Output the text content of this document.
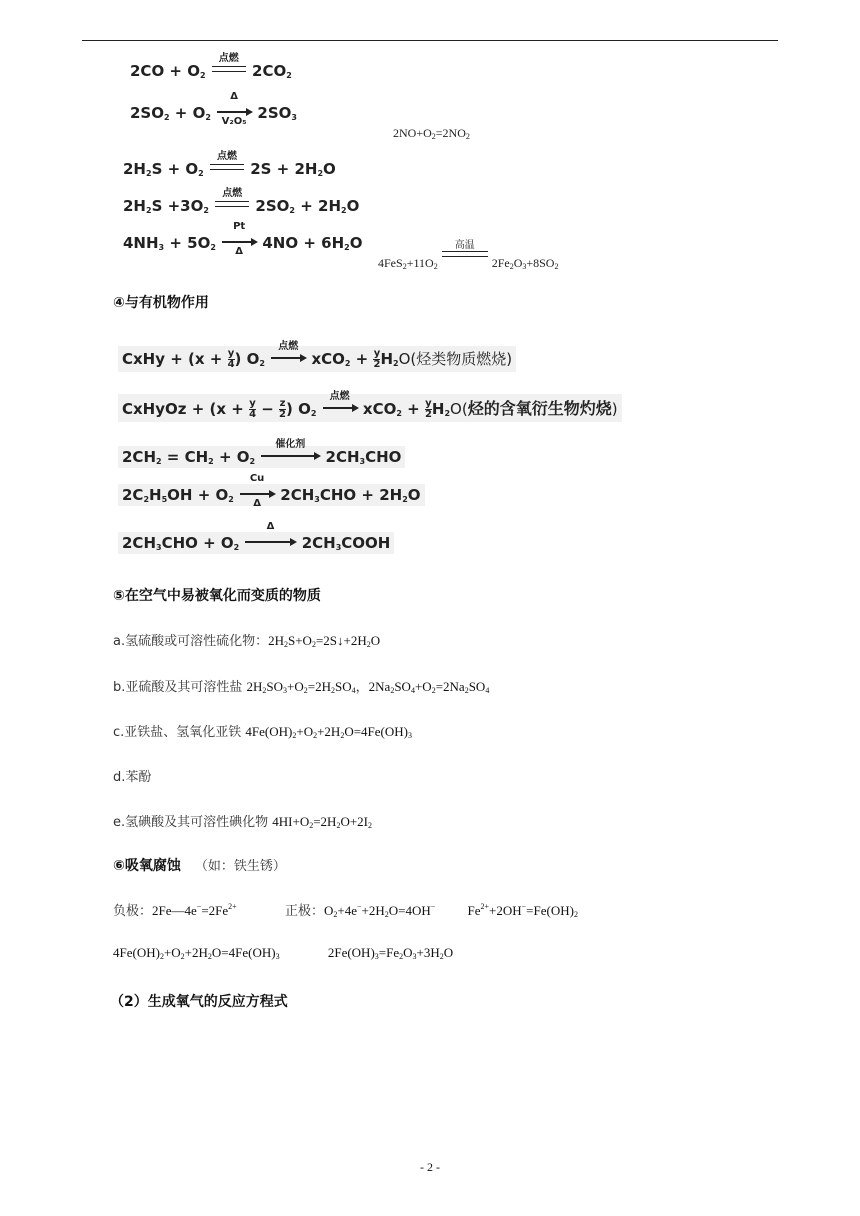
$2CO + O_2$
点燃
$2CO_2$
$2SO_2 + O_2 \frac{\Delta}{\text{V₂O₅}} 2SO_3$
$2NO+O_2=2NO_2$
$2H_2S + O_2$
点燃
$2S + 2H_2O$
$2H_2S +3O_2$
点燃
$2SO_2 + 2H_2O$
$4NH_3 + 5O_2 \frac{Pt}{\Delta} 4NO + 6H_2O$
$4FeS_2+11O_2$
高温
$2Fe_2O_3+8SO_2$
④与有机物作用
CxHy + ($x + \frac{y}{4}$ ) $O_2$
点燃
$xCO_2 + \frac{y}{2} H_2O$(烃类物质燃烧)
CxHyOz + ($x + \frac{y}{4} - \frac{z}{2}$ ) $O_2$
点燃
$xCO_2 + \frac{y}{2} H_2O$(烃的含氧衍生物灼烧)
$2CH_2 = CH_2 + O_2$
催化剂
$2CH_3CHO$
$2C_2H_5OH + O_2 \frac{Cu}{\Delta} 2CH_3CHO + 2H_2O$
$2CH_3CHO + O_2$
Δ
$2CH_3COOH$
⑤在空气中易被氧化而变质的物质
a.氢硫酸或可溶性硫化物：$2H_2S+O_2=2S↓+2H_2O$
b.亚硫酸及其可溶性盐 $2H_2SO_3+O_2=2H_2SO_4$，$2Na_2SO_4+O_2=2Na_2SO_4$
c.亚铁盐、氢氧化亚铁 $4Fe(OH)_2+O_2+2H_2O=4Fe(OH)_3$
d.苯酚
e.氢碘酸及其可溶性碘化物 $4HI+O_2=2H_2O+2I_2$
⑥吸氧腐蚀 （如：铁生锈）
负极：$2Fe—4e^-=2Fe^{2+}$	正极：$O_2+4e^-+2H_2O=4OH^-$ $Fe^{2+}+2OH^-=Fe(OH)_2$
$4Fe(OH)_2+O_2+2H_2O=4Fe(OH)_3$	$2Fe(OH)_3=Fe_2O_3+3H_2O$
（2）生成氧气的反应方程式
- 2 -
